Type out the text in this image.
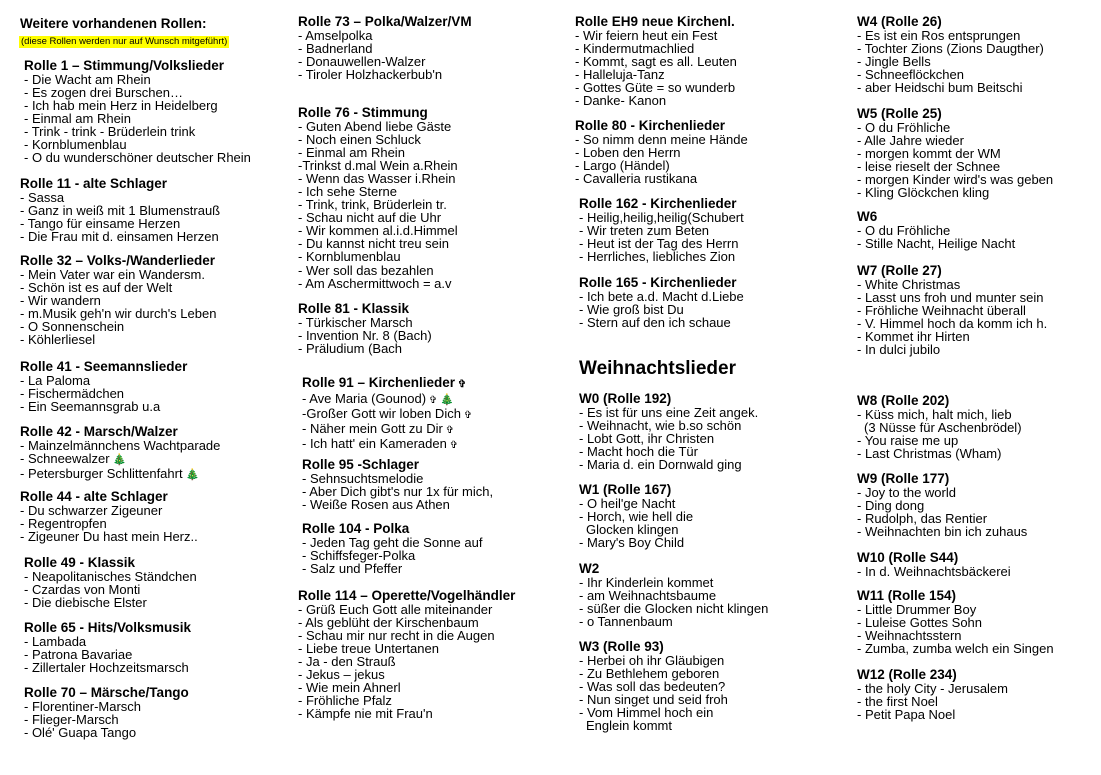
Weitere vorhandenen Rollen:
(diese Rollen werden nur auf Wunsch mitgeführt)
Rolle 1 – Stimmung/Volkslieder
- Die Wacht am Rhein
- Es zogen drei Burschen…
- Ich hab mein Herz in Heidelberg
- Einmal am Rhein
- Trink - trink - Brüderlein trink
- Kornblumenblau
- O du wunderschöner deutscher Rhein
Rolle 11 - alte Schlager
- Sassa
- Ganz in weiß mit 1 Blumenstrauß
- Tango für einsame Herzen
- Die Frau mit d. einsamen Herzen
Rolle 32 – Volks-/Wanderlieder
- Mein Vater war ein Wandersm.
- Schön ist es auf der Welt
- Wir wandern
- m.Musik geh'n wir durch's Leben
- O Sonnenschein
- Köhlerliesel
Rolle 41 - Seemannslieder
- La Paloma
- Fischermädchen
- Ein Seemannsgrab u.a
Rolle 42 - Marsch/Walzer
- Mainzelmännchens Wachtparade
- Schneewalzer 🎄
- Petersburger Schlittenfahrt 🎄
Rolle 44 - alte Schlager
- Du schwarzer Zigeuner
- Regentropfen
- Zigeuner Du hast mein Herz..
Rolle 49 - Klassik
- Neapolitanisches Ständchen
- Czardas von Monti
- Die diebische Elster
Rolle 65 - Hits/Volksmusik
- Lambada
- Patrona Bavariae
- Zillertaler Hochzeitsmarsch
Rolle 70 – Märsche/Tango
- Florentiner-Marsch
- Flieger-Marsch
- Olé' Guapa Tango
Rolle 73 – Polka/Walzer/VM
- Amselpolka
- Badnerland
- Donauwellen-Walzer
- Tiroler Holzhackerbub'n
Rolle 76 - Stimmung
- Guten Abend liebe Gäste
- Noch einen Schluck
- Einmal am Rhein
-Trinkst d.mal Wein a.Rhein
- Wenn das Wasser i.Rhein
- Ich sehe Sterne
- Trink, trink, Brüderlein tr.
- Schau nicht auf die Uhr
- Wir kommen al.i.d.Himmel
- Du kannst nicht treu sein
- Kornblumenblau
- Wer soll das bezahlen
- Am Aschermittwoch = a.v
Rolle 81 - Klassik
- Türkischer Marsch
- Invention Nr. 8 (Bach)
- Präludium (Bach
Rolle 91 – Kirchenlieder ✞
- Ave Maria (Gounod) ✞ 🎄
-Großer Gott wir loben Dich ✞
- Näher mein Gott zu Dir ✞
- Ich hatt' ein Kameraden ✞
Rolle 95 -Schlager
- Sehnsuchtsmelodie
- Aber Dich gibt's nur 1x für mich,
- Weiße Rosen aus Athen
Rolle 104 - Polka
- Jeden Tag geht die Sonne auf
- Schiffsfeger-Polka
- Salz und Pfeffer
Rolle 114 – Operette/Vogelhändler
- Grüß Euch Gott alle miteinander
- Als geblüht der Kirschenbaum
- Schau mir nur recht in die Augen
- Liebe treue Untertanen
- Ja - den Strauß
- Jekus – jekus
- Wie mein Ahnerl
- Fröhliche Pfalz
- Kämpfe nie mit Frau'n
Weihnachtslieder
Rolle EH9 neue Kirchenl.
- Wir feiern heut ein Fest
- Kindermutmachlied
- Kommt, sagt es all. Leuten
- Halleluja-Tanz
- Gottes Güte = so wunderb
- Danke- Kanon
Rolle 80 - Kirchenlieder
- So nimm denn meine Hände
- Loben den Herrn
- Largo (Händel)
- Cavalleria rustikana
Rolle 162 - Kirchenlieder
- Heilig,heilig,heilig(Schubert
- Wir treten zum Beten
- Heut ist der Tag des Herrn
- Herrliches, liebliches Zion
Rolle 165 - Kirchenlieder
- Ich bete a.d. Macht d.Liebe
- Wie groß bist Du
- Stern auf den ich schaue
W0 (Rolle 192)
- Es ist für uns eine Zeit angek.
- Weihnacht, wie b.so schön
- Lobt Gott, ihr Christen
- Macht hoch die Tür
- Maria d. ein Dornwald ging
W1 (Rolle 167)
- O heil'ge Nacht
- Horch, wie hell die
Glocken klingen
- Mary's Boy Child
W2
- Ihr Kinderlein kommet
- am Weihnachtsbaume
- süßer die Glocken nicht klingen
- o Tannenbaum
W3 (Rolle 93)
- Herbei oh ihr Gläubigen
- Zu Bethlehem geboren
- Was soll das bedeuten?
- Nun singet und seid froh
- Vom Himmel hoch ein
Englein kommt
W4 (Rolle 26)
- Es ist ein Ros entsprungen
- Tochter Zions (Zions Daugther)
- Jingle Bells
- Schneeflöckchen
- aber Heidschi bum Beitschi
W5 (Rolle 25)
- O du Fröhliche
- Alle Jahre wieder
- morgen kommt der WM
- leise rieselt der Schnee
- morgen Kinder wird's was geben
- Kling Glöckchen kling
W6
- O du Fröhliche
- Stille Nacht, Heilige Nacht
W7 (Rolle 27)
- White Christmas
- Lasst uns froh und munter sein
- Fröhliche Weihnacht überall
- V. Himmel hoch da komm ich h.
- Kommet ihr Hirten
- In dulci jubilo
W8 (Rolle 202)
- Küss mich, halt mich, lieb
(3 Nüsse für Aschenbrödel)
- You raise me up
- Last Christmas (Wham)
W9 (Rolle 177)
- Joy to the world
- Ding dong
- Rudolph, das Rentier
- Weihnachten bin ich zuhaus
W10 (Rolle S44)
- In d. Weihnachtsbäckerei
W11 (Rolle 154)
- Little Drummer Boy
- Luleise Gottes Sohn
- Weihnachtsstern
- Zumba, zumba welch ein Singen
W12 (Rolle 234)
- the holy City - Jerusalem
- the first Noel
- Petit Papa Noel
